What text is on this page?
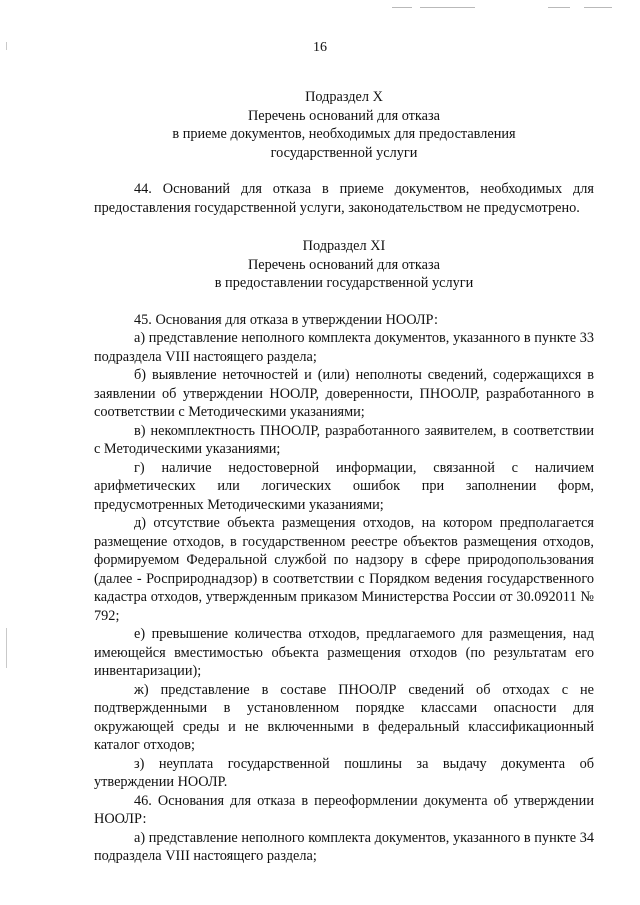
16
Подраздел X
Перечень оснований для отказа
в приеме документов, необходимых для предоставления
государственной услуги

44. Оснований для отказа в приеме документов, необходимых для предоставления государственной услуги, законодательством не предусмотрено.

Подраздел XI
Перечень оснований для отказа
в предоставлении государственной услуги

45. Основания для отказа в утверждении НООЛР:

а) представление неполного комплекта документов, указанного в пункте 33 подраздела VIII настоящего раздела;

б) выявление неточностей и (или) неполноты сведений, содержащихся в заявлении об утверждении НООЛР, доверенности, ПНООЛР, разработанного в соответствии с Методическими указаниями;

в) некомплектность ПНООЛР, разработанного заявителем, в соответствии с Методическими указаниями;

г) наличие недостоверной информации, связанной с наличием арифметических или логических ошибок при заполнении форм, предусмотренных Методическими указаниями;

д) отсутствие объекта размещения отходов, на котором предполагается размещение отходов, в государственном реестре объектов размещения отходов, формируемом Федеральной службой по надзору в сфере природопользования (далее - Росприроднадзор) в соответствии с Порядком ведения государственного кадастра отходов, утвержденным приказом Министерства России от 30.092011 № 792;

е) превышение количества отходов, предлагаемого для размещения, над имеющейся вместимостью объекта размещения отходов (по результатам его инвентаризации);

ж) представление в составе ПНООЛР сведений об отходах с не подтвержденными в установленном порядке классами опасности для окружающей среды и не включенными в федеральный классификационный каталог отходов;

з) неуплата государственной пошлины за выдачу документа об утверждении НООЛР.

46. Основания для отказа в переоформлении документа об утверждении НООЛР:

а) представление неполного комплекта документов, указанного в пункте 34 подраздела VIII настоящего раздела;
